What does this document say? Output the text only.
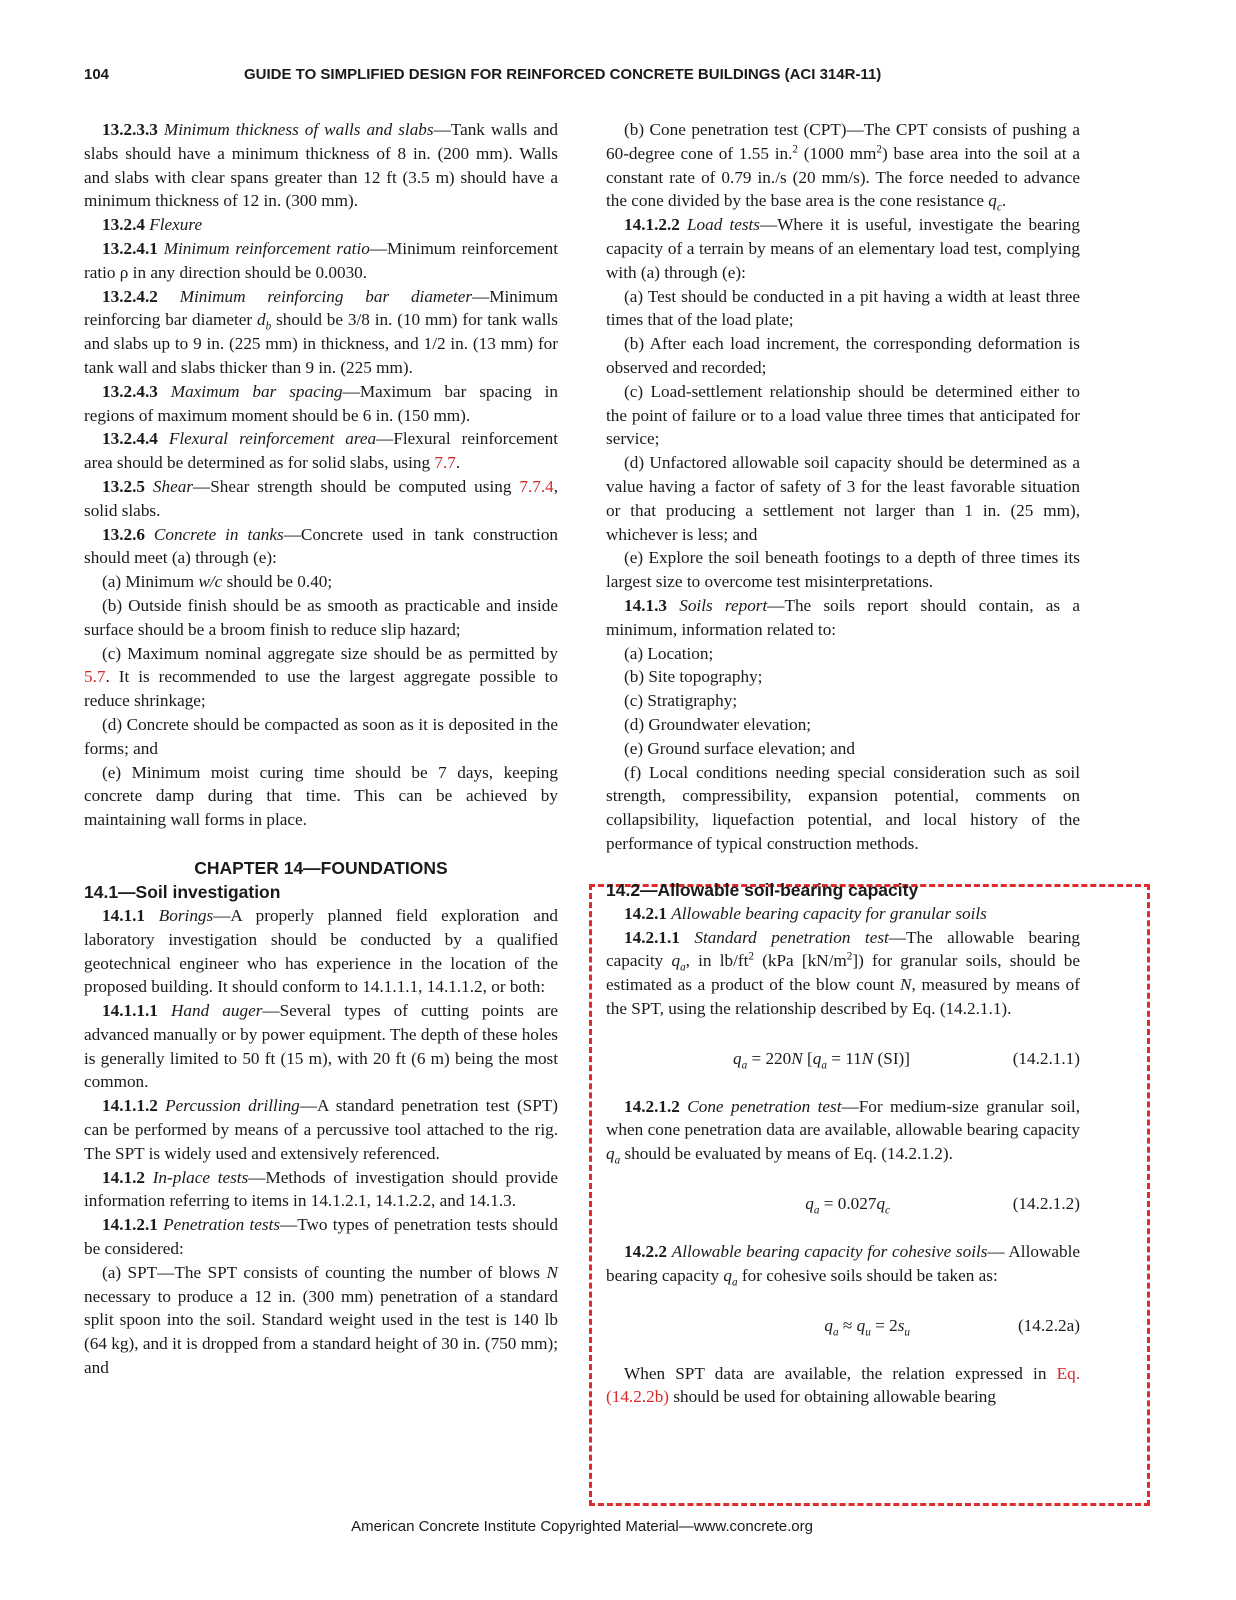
104	GUIDE TO SIMPLIFIED DESIGN FOR REINFORCED CONCRETE BUILDINGS (ACI 314R-11)

13.2.3.3 Minimum thickness of walls and slabs—Tank walls and slabs should have a minimum thickness of 8 in. (200 mm). Walls and slabs with clear spans greater than 12 ft (3.5 m) should have a minimum thickness of 12 in. (300 mm).

13.2.4 Flexure

13.2.4.1 Minimum reinforcement ratio—Minimum reinforcement ratio ρ in any direction should be 0.0030.

13.2.4.2 Minimum reinforcing bar diameter—Minimum reinforcing bar diameter $d_b$ should be 3/8 in. (10 mm) for tank walls and slabs up to 9 in. (225 mm) in thickness, and 1/2 in. (13 mm) for tank wall and slabs thicker than 9 in. (225 mm).

13.2.4.3 Maximum bar spacing—Maximum bar spacing in regions of maximum moment should be 6 in. (150 mm).

13.2.4.4 Flexural reinforcement area—Flexural reinforcement area should be determined as for solid slabs, using 7.7.

13.2.5 Shear—Shear strength should be computed using 7.7.4, solid slabs.

13.2.6 Concrete in tanks—Concrete used in tank construction should meet (a) through (e):

(a) Minimum w/c should be 0.40;

(b) Outside finish should be as smooth as practicable and inside surface should be a broom finish to reduce slip hazard;

(c) Maximum nominal aggregate size should be as permitted by 5.7. It is recommended to use the largest aggregate possible to reduce shrinkage;

(d) Concrete should be compacted as soon as it is deposited in the forms; and

(e) Minimum moist curing time should be 7 days, keeping concrete damp during that time. This can be achieved by maintaining wall forms in place.

CHAPTER 14—FOUNDATIONS

14.1—Soil investigation

14.1.1 Borings—A properly planned field exploration and laboratory investigation should be conducted by a qualified geotechnical engineer who has experience in the location of the proposed building. It should conform to 14.1.1.1, 14.1.1.2, or both:

14.1.1.1 Hand auger—Several types of cutting points are advanced manually or by power equipment. The depth of these holes is generally limited to 50 ft (15 m), with 20 ft (6 m) being the most common.

14.1.1.2 Percussion drilling—A standard penetration test (SPT) can be performed by means of a percussive tool attached to the rig. The SPT is widely used and extensively referenced.

14.1.2 In-place tests—Methods of investigation should provide information referring to items in 14.1.2.1, 14.1.2.2, and 14.1.3.

14.1.2.1 Penetration tests—Two types of penetration tests should be considered:

(a) SPT—The SPT consists of counting the number of blows N necessary to produce a 12 in. (300 mm) penetration of a standard split spoon into the soil. Standard weight used in the test is 140 lb (64 kg), and it is dropped from a standard height of 30 in. (750 mm); and

(b) Cone penetration test (CPT)—The CPT consists of pushing a 60-degree cone of 1.55 in.$^2$ (1000 $mm^2$) base area into the soil at a constant rate of 0.79 in./s (20 mm/s). The force needed to advance the cone divided by the base area is the cone resistance $q_c$.

14.1.2.2 Load tests—Where it is useful, investigate the bearing capacity of a terrain by means of an elementary load test, complying with (a) through (e):

(a) Test should be conducted in a pit having a width at least three times that of the load plate;

(b) After each load increment, the corresponding deformation is observed and recorded;

(c) Load-settlement relationship should be determined either to the point of failure or to a load value three times that anticipated for service;

(d) Unfactored allowable soil capacity should be determined as a value having a factor of safety of 3 for the least favorable situation or that producing a settlement not larger than 1 in. (25 mm), whichever is less; and

(e) Explore the soil beneath footings to a depth of three times its largest size to overcome test misinterpretations.

14.1.3 Soils report—The soils report should contain, as a minimum, information related to:

(a) Location;

(b) Site topography;

(c) Stratigraphy;

(d) Groundwater elevation;

(e) Ground surface elevation; and

(f) Local conditions needing special consideration such as soil strength, compressibility, expansion potential, comments on collapsibility, liquefaction potential, and local history of the performance of typical construction methods.

14.2—Allowable soil-bearing capacity

14.2.1 Allowable bearing capacity for granular soils

14.2.1.1 Standard penetration test—The allowable bearing capacity $q_a$, in $lb/ft^2$ (kPa $[kN/m^2]$) for granular soils, should be estimated as a product of the blow count N, measured by means of the SPT, using the relationship described by Eq. (14.2.1.1).

$q_a = 220N$ [$q_a = 11N$ (SI)]	(14.2.1.1)

14.2.1.2 Cone penetration test—For medium-size granular soil, when cone penetration data are available, allowable bearing capacity $q_a$ should be evaluated by means of Eq. (14.2.1.2).

$q_a = 0.027q_c$	(14.2.1.2)

14.2.2 Allowable bearing capacity for cohesive soils— Allowable bearing capacity $q_a$ for cohesive soils should be taken as:

$q_a \approx q_u = 2s_u$	(14.2.2a)

When SPT data are available, the relation expressed in Eq. (14.2.2b) should be used for obtaining allowable bearing

American Concrete Institute Copyrighted Material—www.concrete.org
